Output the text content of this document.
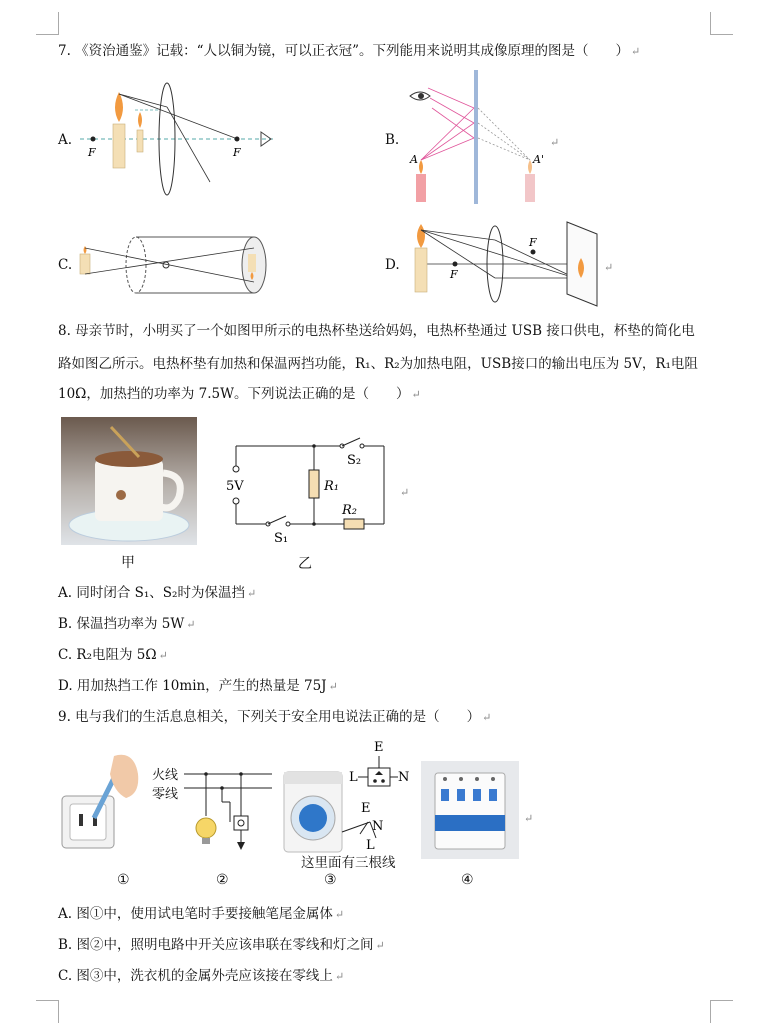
7. 《资治通鉴》记载：“人以铜为镜，可以正衣冠”。下列能用来说明其成像原理的图是（　　） ↵
A.
F	F
B.
A	A'
↵
C.	D.
F
F
↵
8. 母亲节时，小明买了一个如图甲所示的电热杯垫送给妈妈，电热杯垫通过 USB 接口供电，杯垫的简化电
路如图乙所示。电热杯垫有加热和保温两挡功能，R₁、R₂为加热电阻，USB接口的输出电压为 5V，R₁电阻
10Ω，加热挡的功率为 7.5W。下列说法正确的是（　　） ↵
甲
5V	R₁
R₂
S₂
S₁
乙
↵
A. 同时闭合 S₁、S₂时为保温挡 ↵
B. 保温挡功率为 5W ↵
C. R₂电阻为 5Ω ↵
D. 用加热挡工作 10min，产生的热量是 75J ↵
9. 电与我们的生活息息相关，下列关于安全用电说法正确的是（　　） ↵
火线
零线
E
L	N
E
N
L
这里面有三根线
↵
①	②	③	④
A. 图①中，使用试电笔时手要接触笔尾金属体 ↵
B. 图②中，照明电路中开关应该串联在零线和灯之间 ↵
C. 图③中，洗衣机的金属外壳应该接在零线上 ↵
